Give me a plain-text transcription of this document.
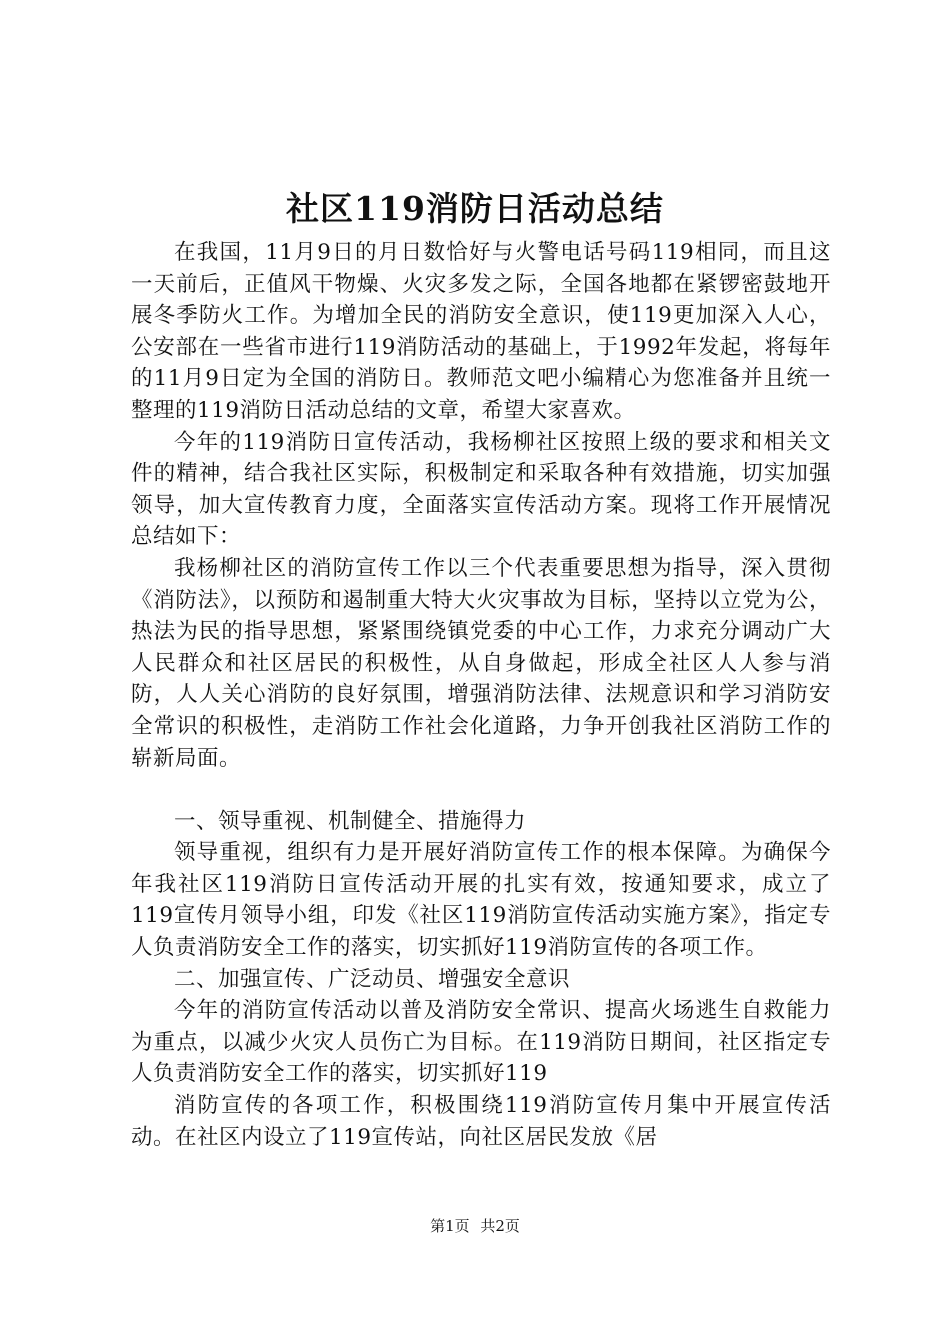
社区119消防日活动总结

在我国，11月9日的月日数恰好与火警电话号码119相同，而且这一天前后，正值风干物燥、火灾多发之际，全国各地都在紧锣密鼓地开展冬季防火工作。为增加全民的消防安全意识，使119更加深入人心，公安部在一些省市进行119消防活动的基础上，于1992年发起，将每年的11月9日定为全国的消防日。教师范文吧小编精心为您准备并且统一整理的119消防日活动总结的文章，希望大家喜欢。

今年的119消防日宣传活动，我杨柳社区按照上级的要求和相关文件的精神，结合我社区实际，积极制定和采取各种有效措施，切实加强领导，加大宣传教育力度，全面落实宣传活动方案。现将工作开展情况总结如下：

我杨柳社区的消防宣传工作以三个代表重要思想为指导，深入贯彻《消防法》，以预防和遏制重大特大火灾事故为目标，坚持以立党为公，热法为民的指导思想，紧紧围绕镇党委的中心工作，力求充分调动广大人民群众和社区居民的积极性，从自身做起，形成全社区人人参与消防，人人关心消防的良好氛围，增强消防法律、法规意识和学习消防安全常识的积极性，走消防工作社会化道路，力争开创我社区消防工作的崭新局面。

一、领导重视、机制健全、措施得力

领导重视，组织有力是开展好消防宣传工作的根本保障。为确保今年我社区119消防日宣传活动开展的扎实有效，按通知要求，成立了119宣传月领导小组，印发《社区119消防宣传活动实施方案》，指定专人负责消防安全工作的落实，切实抓好119消防宣传的各项工作。

二、加强宣传、广泛动员、增强安全意识

今年的消防宣传活动以普及消防安全常识、提高火场逃生自救能力为重点，以减少火灾人员伤亡为目标。在119消防日期间，社区指定专人负责消防安全工作的落实，切实抓好119

消防宣传的各项工作，积极围绕119消防宣传月集中开展宣传活动。在社区内设立了119宣传站，向社区居民发放《居

第1页 共2页
